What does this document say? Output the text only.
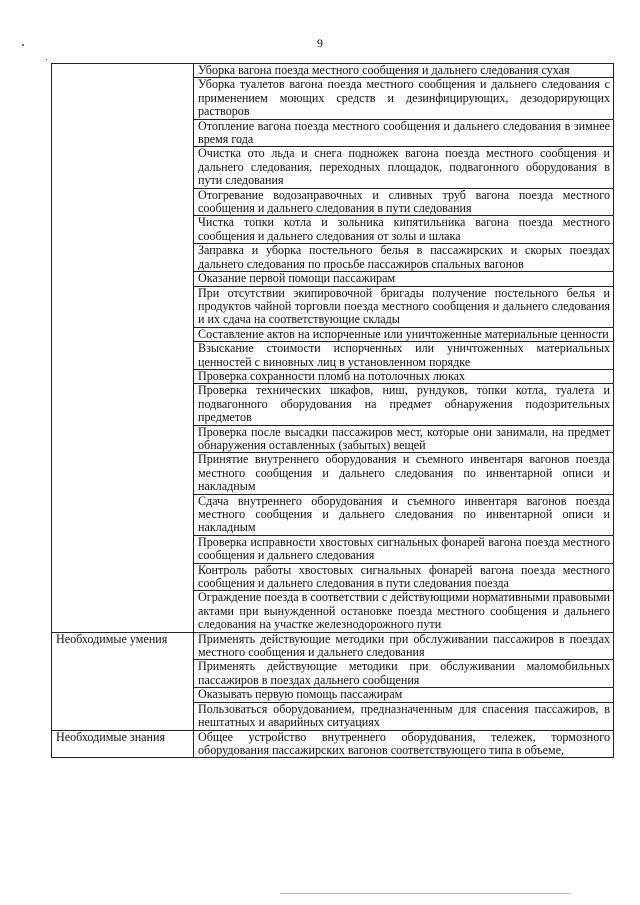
9
	Уборка вагона поезда местного сообщения и дальнего следования сухая
	Уборка туалетов вагона поезда местного сообщения и дальнего следования с применением моющих средств и дезинфицирующих, дезодорирующих растворов
	Отопление вагона поезда местного сообщения и дальнего следования в зимнее время года
	Очистка ото льда и снега подножек вагона поезда местного сообщения и дальнего следования, переходных площадок, подвагонного оборудования в пути следования
	Отогревание водозаправочных и сливных труб вагона поезда местного сообщения и дальнего следования в пути следования
	Чистка топки котла и зольника кипятильника вагона поезда местного сообщения и дальнего следования от золы и шлака
	Заправка и уборка постельного белья в пассажирских и скорых поездах дальнего следования по просьбе пассажиров спальных вагонов
	Оказание первой помощи пассажирам
	При отсутствии экипировочной бригады получение постельного белья и продуктов чайной торговли поезда местного сообщения и дальнего следования и их сдача на соответствующие склады
	Составление актов на испорченные или уничтоженные материальные ценности
	Взыскание стоимости испорченных или уничтоженных материальных ценностей с виновных лиц в установленном порядке
	Проверка сохранности пломб на потолочных люках
	Проверка технических шкафов, ниш, рундуков, топки котла, туалета и подвагонного оборудования на предмет обнаружения подозрительных предметов
	Проверка после высадки пассажиров мест, которые они занимали, на предмет обнаружения оставленных (забытых) вещей
	Принятие внутреннего оборудования и съемного инвентаря вагонов поезда местного сообщения и дальнего следования по инвентарной описи и накладным
	Сдача внутреннего оборудования и съемного инвентаря вагонов поезда местного сообщения и дальнего следования по инвентарной описи и накладным
	Проверка исправности хвостовых сигнальных фонарей вагона поезда местного сообщения и дальнего следования
	Контроль работы хвостовых сигнальных фонарей вагона поезда местного сообщения и дальнего следования в пути следования поезда
	Ограждение поезда в соответствии с действующими нормативными правовыми актами при вынужденной остановке поезда местного сообщения и дальнего следования на участке железнодорожного пути
Необходимые умения	Применять действующие методики при обслуживании пассажиров в поездах местного сообщения и дальнего следования
	Применять действующие методики при обслуживании маломобильных пассажиров в поездах дальнего сообщения
	Оказывать первую помощь пассажирам
	Пользоваться оборудованием, предназначенным для спасения пассажиров, в нештатных и аварийных ситуациях
Необходимые знания	Общее устройство внутреннего оборудования, тележек, тормозного оборудования пассажирских вагонов соответствующего типа в объеме,
